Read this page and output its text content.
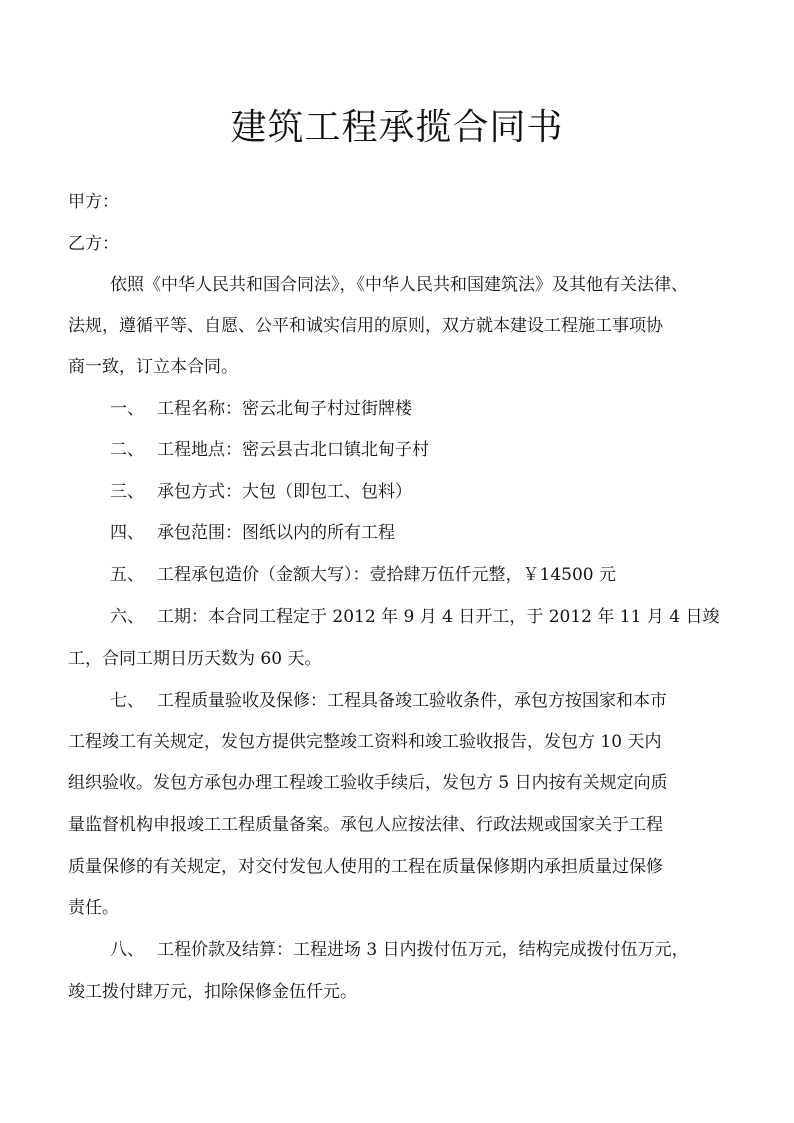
建筑工程承揽合同书
甲方：
乙方：
依照《中华人民共和国合同法》，《中华人民共和国建筑法》及其他有关法律、
法规，遵循平等、自愿、公平和诚实信用的原则，双方就本建设工程施工事项协
商一致，订立本合同。
一、 工程名称：密云北甸子村过街牌楼
二、 工程地点：密云县古北口镇北甸子村
三、 承包方式：大包（即包工、包料）
四、 承包范围：图纸以内的所有工程
五、 工程承包造价（金额大写）：壹拾肆万伍仟元整，￥14500 元
六、 工期：本合同工程定于 2012 年 9 月 4 日开工，于 2012 年 11 月 4 日竣
工，合同工期日历天数为 60 天。
七、 工程质量验收及保修：工程具备竣工验收条件，承包方按国家和本市
工程竣工有关规定，发包方提供完整竣工资料和竣工验收报告，发包方 10 天内
组织验收。发包方承包办理工程竣工验收手续后，发包方 5 日内按有关规定向质
量监督机构申报竣工工程质量备案。承包人应按法律、行政法规或国家关于工程
质量保修的有关规定，对交付发包人使用的工程在质量保修期内承担质量过保修
责任。
八、 工程价款及结算：工程进场 3 日内拨付伍万元，结构完成拨付伍万元，
竣工拨付肆万元，扣除保修金伍仟元。
